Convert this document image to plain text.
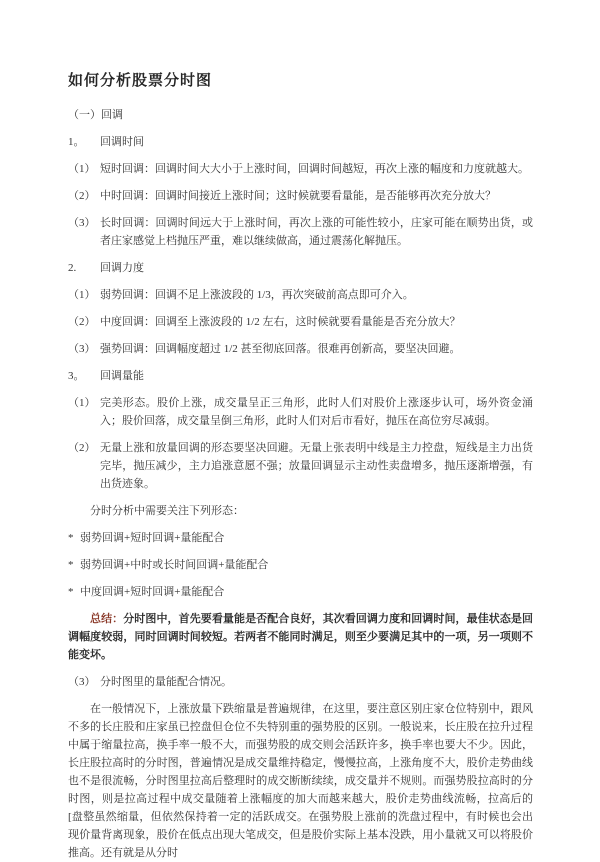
如何分析股票分时图

（一）回调

1。	回调时间
（1） 短时回调：回调时间大大小于上涨时间，回调时间越短，再次上涨的幅度和力度就越大。
（2） 中时回调：回调时间接近上涨时间；这时候就要看量能，是否能够再次充分放大？
（3） 长时回调：回调时间远大于上涨时间，再次上涨的可能性较小，庄家可能在顺势出货，或者庄家感觉上档抛压严重，难以继续做高，通过震荡化解抛压。
2.	回调力度
（1） 弱势回调：回调不足上涨波段的 1/3，再次突破前高点即可介入。
（2） 中度回调：回调至上涨波段的 1/2 左右，这时候就要看量能是否充分放大？
（3） 强势回调：回调幅度超过 1/2 甚至彻底回落。很难再创新高，要坚决回避。
3。	回调量能
（1） 完美形态。股价上涨，成交量呈正三角形，此时人们对股价上涨逐步认可，场外资金涌入；股价回落，成交量呈倒三角形，此时人们对后市看好，抛压在高位穷尽减弱。
（2） 无量上涨和放量回调的形态要坚决回避。无量上张表明中线是主力控盘，短线是主力出货完毕，抛压减少，主力追涨意愿不强；放量回调显示主动性卖盘增多，抛压逐渐增强，有出货迹象。

分时分析中需要关注下列形态：

* 弱势回调+短时回调+量能配合
* 弱势回调+中时或长时间回调+量能配合
* 中度回调+短时回调+量能配合

总结：分时图中，首先要看量能是否配合良好，其次看回调力度和回调时间，最佳状态是回调幅度较弱，同时回调时间较短。若两者不能同时满足，则至少要满足其中的一项，另一项则不能变坏。

（3） 分时图里的量能配合情况。

在一般情况下，上涨放量下跌缩量是普遍规律，在这里，要注意区别庄家仓位特别中，跟风不多的长庄股和庄家虽已控盘但仓位不失特别重的强势股的区别。一般说来，长庄股在拉升过程中属于缩量拉高，换手率一般不大，而强势股的成交则会活跃许多，换手率也要大不少。因此，长庄股拉高时的分时图，普遍情况是成交量维持稳定，慢慢拉高，上涨角度不大，股价走势曲线也不是很流畅，分时图里拉高后整理时的成交断断续续，成交量并不规则。而强势股拉高时的分时图，则是拉高过程中成交量随着上涨幅度的加大而越来越大，股价走势曲线流畅，拉高后的[盘整虽然缩量，但依然保持着一定的活跃成交。在强势股上涨前的洗盘过程中，有时候也会出现价量背离现象，股价在低点出现大笔成交，但是股价实际上基本没跌，用小量就又可以将股价推高。还有就是从分时
